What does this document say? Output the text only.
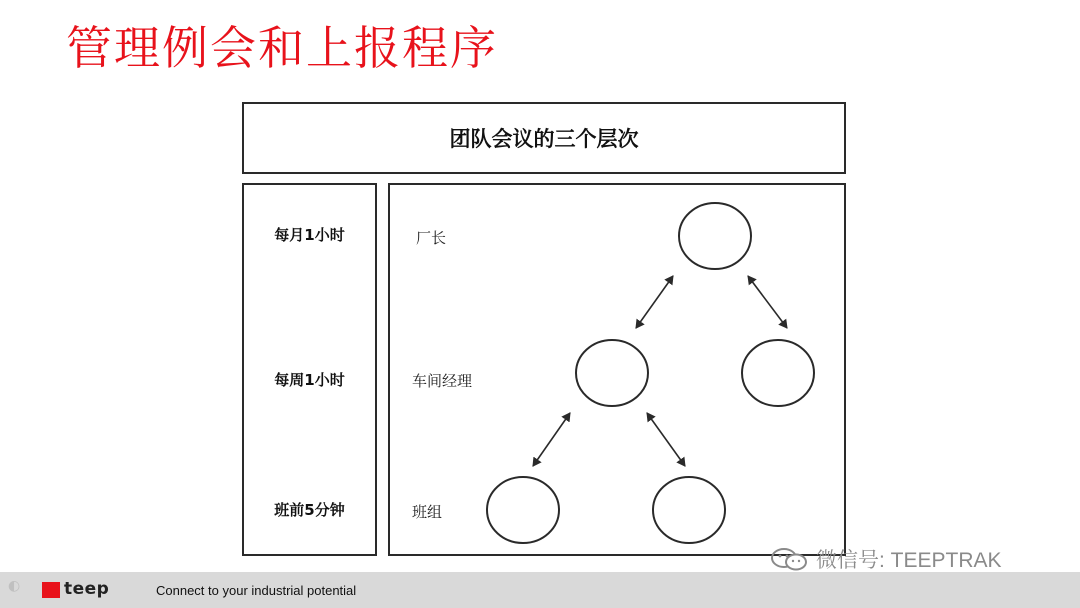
管理例会和上报程序
团队会议的三个层次
每月1小时
每周1小时
班前5分钟
厂长
车间经理
班组
◐	teep	Connect to your industrial potential
微信号: TEEPTRAK
